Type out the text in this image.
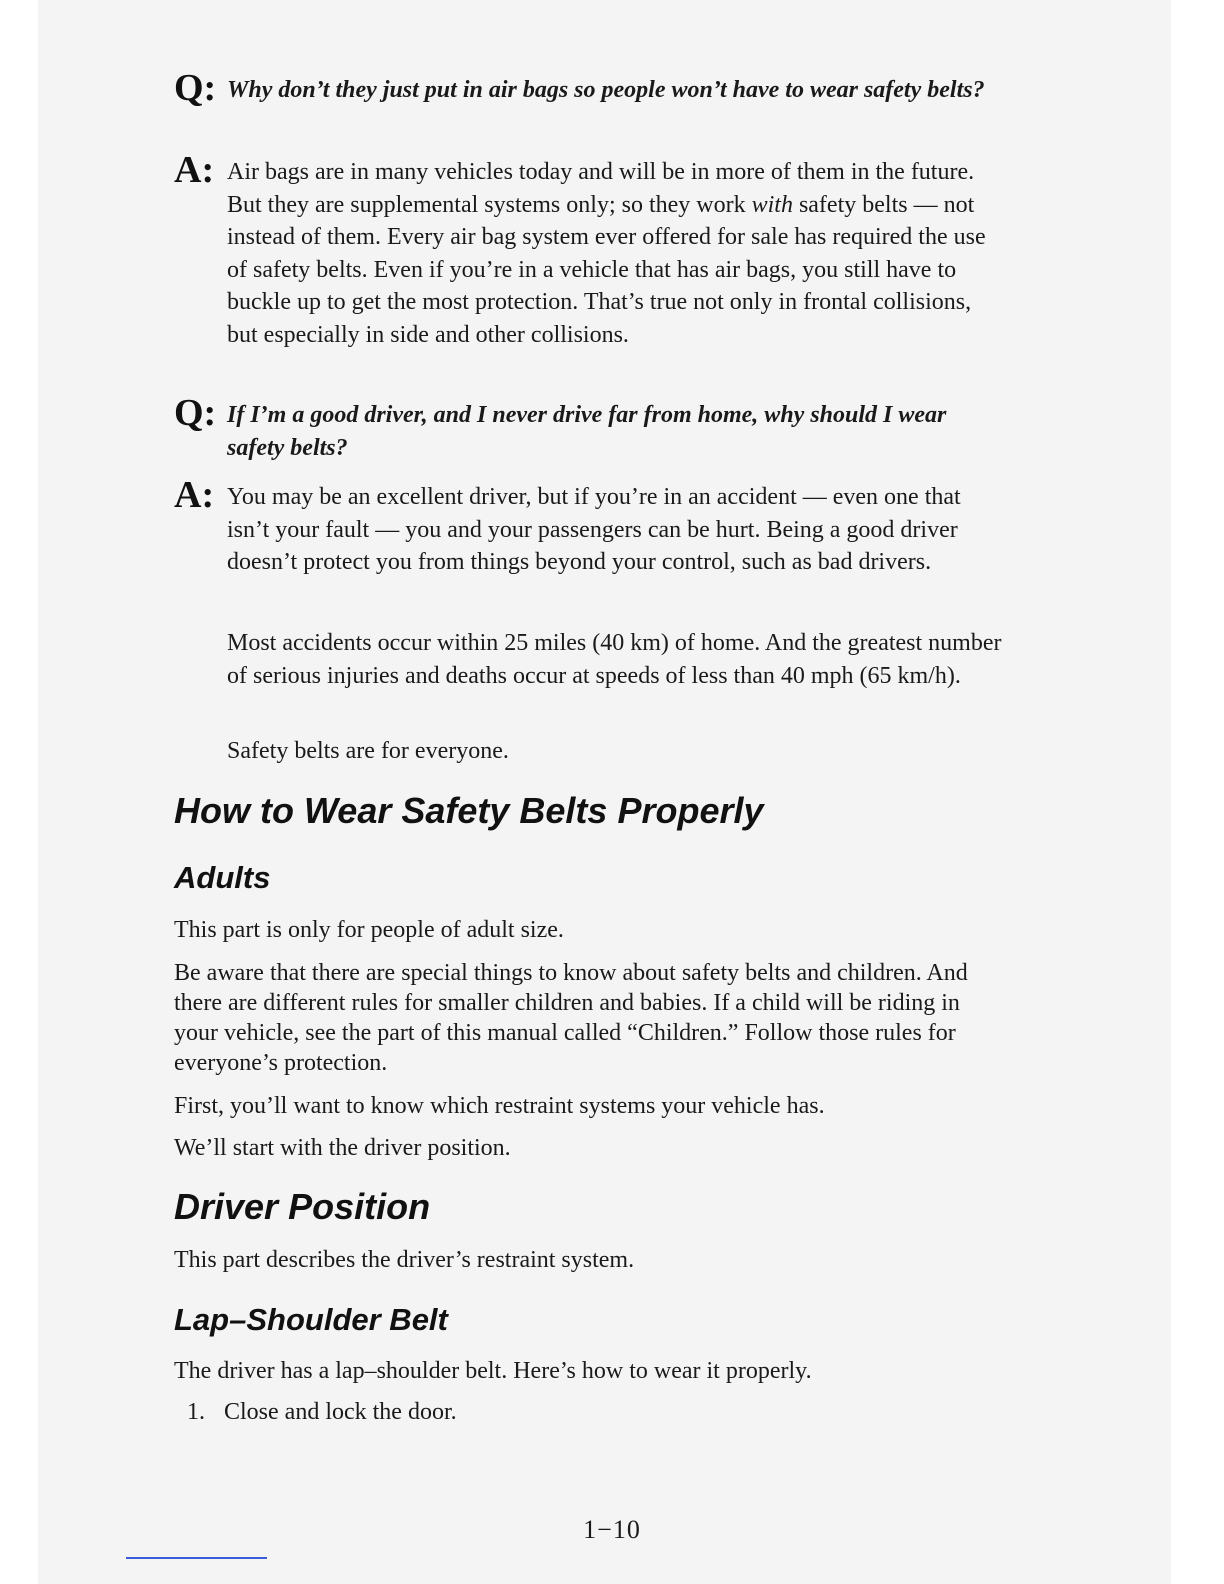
Q: Why don’t they just put in air bags so people won’t have to wear safety belts?
A: Air bags are in many vehicles today and will be in more of them in the future. But they are supplemental systems only; so they work with safety belts — not instead of them. Every air bag system ever offered for sale has required the use of safety belts. Even if you’re in a vehicle that has air bags, you still have to buckle up to get the most protection. That’s true not only in frontal collisions, but especially in side and other collisions.
Q: If I’m a good driver, and I never drive far from home, why should I wear safety belts?
A: You may be an excellent driver, but if you’re in an accident — even one that isn’t your fault — you and your passengers can be hurt. Being a good driver doesn’t protect you from things beyond your control, such as bad drivers.
Most accidents occur within 25 miles (40 km) of home. And the greatest number of serious injuries and deaths occur at speeds of less than 40 mph (65 km/h).
Safety belts are for everyone.
How to Wear Safety Belts Properly
Adults
This part is only for people of adult size.
Be aware that there are special things to know about safety belts and children. And there are different rules for smaller children and babies. If a child will be riding in your vehicle, see the part of this manual called “Children.” Follow those rules for everyone’s protection.
First, you’ll want to know which restraint systems your vehicle has.
We’ll start with the driver position.
Driver Position
This part describes the driver’s restraint system.
Lap–Shoulder Belt
The driver has a lap–shoulder belt. Here’s how to wear it properly.
1. Close and lock the door.
1−10
